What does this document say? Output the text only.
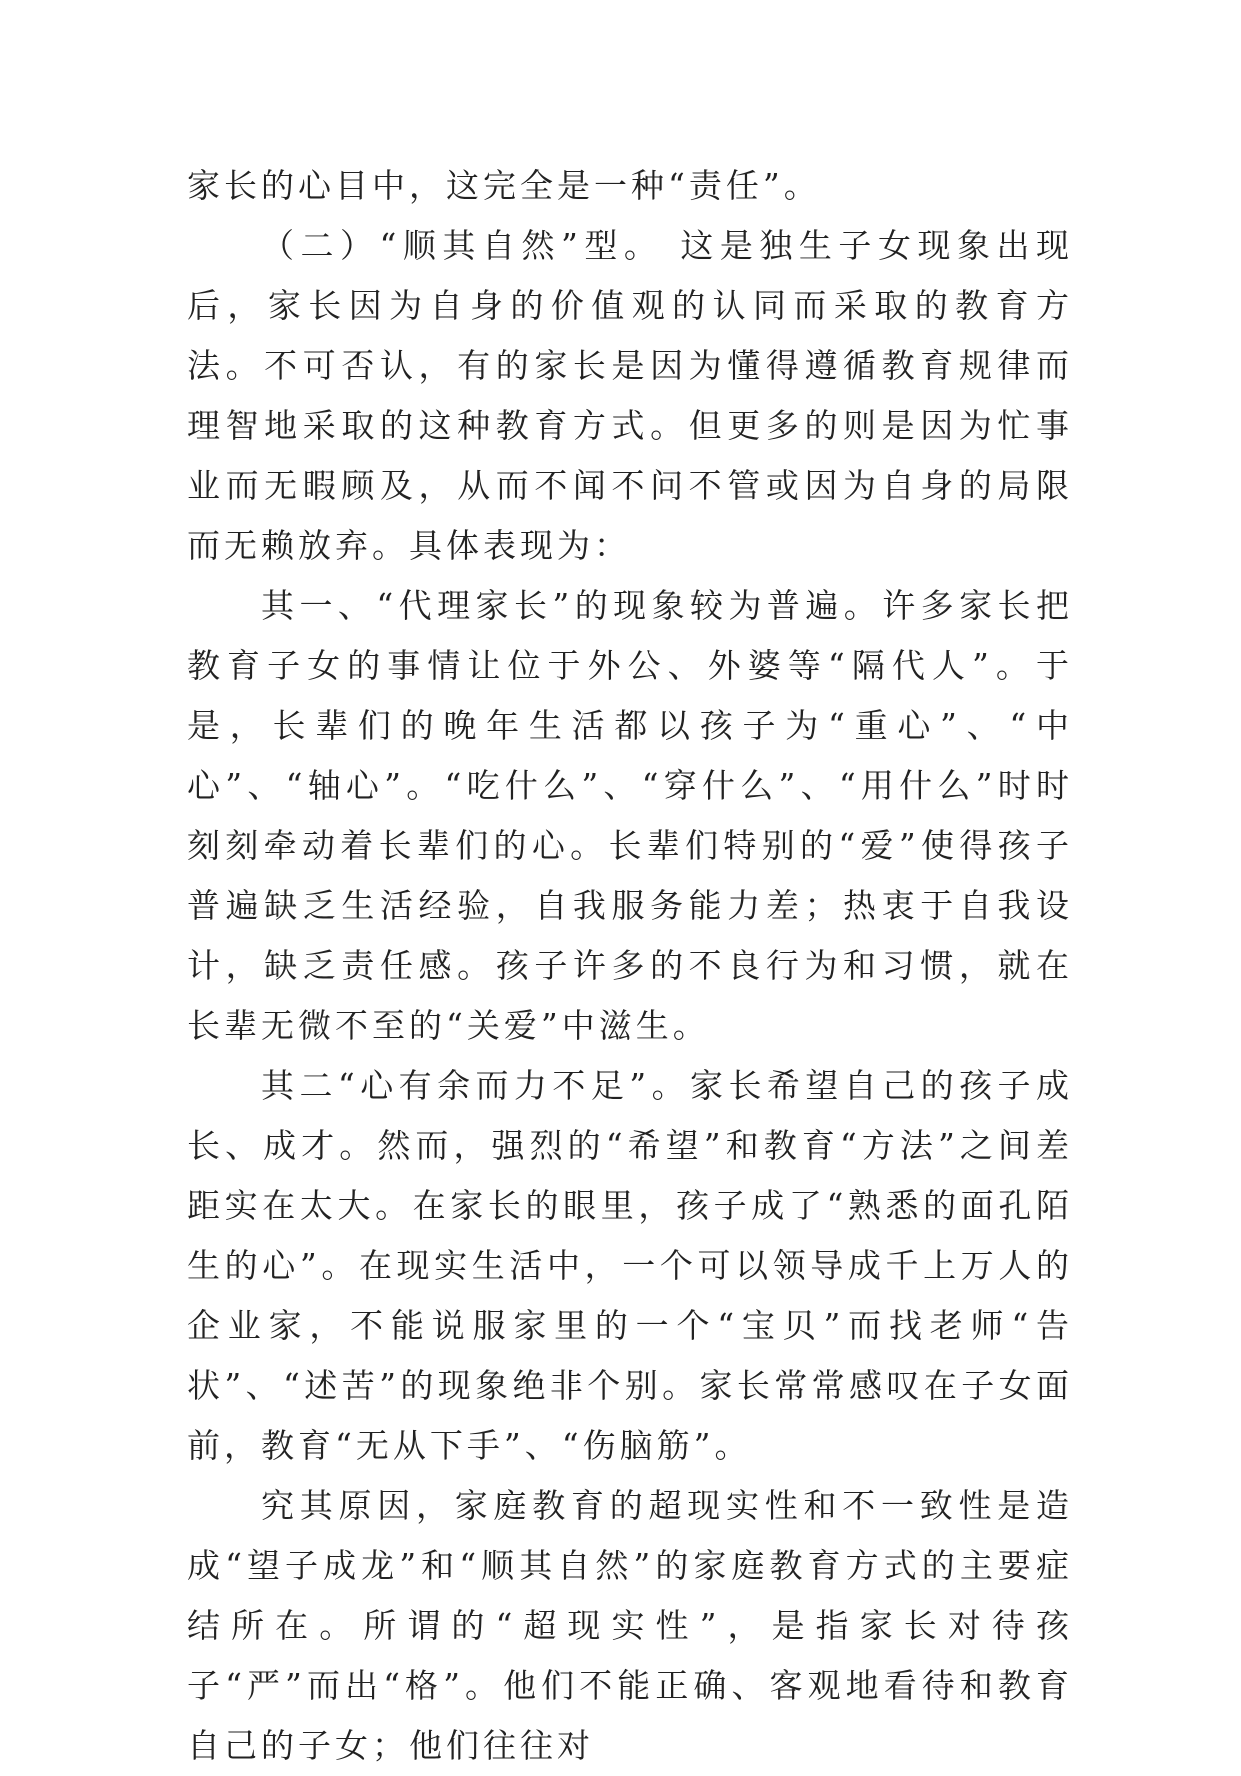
家长的心目中，这完全是一种“责任”。

（二）“顺其自然”型。 这是独生子女现象出现后，家长因为自身的价值观的认同而采取的教育方法。不可否认，有的家长是因为懂得遵循教育规律而理智地采取的这种教育方式。但更多的则是因为忙事业而无暇顾及，从而不闻不问不管或因为自身的局限而无赖放弃。具体表现为：

其一、“代理家长”的现象较为普遍。许多家长把教育子女的事情让位于外公、外婆等“隔代人”。于是，长辈们的晚年生活都以孩子为“重心”、“中心”、“轴心”。“吃什么”、“穿什么”、“用什么”时时刻刻牵动着长辈们的心。长辈们特别的“爱”使得孩子普遍缺乏生活经验，自我服务能力差；热衷于自我设计，缺乏责任感。孩子许多的不良行为和习惯，就在长辈无微不至的“关爱”中滋生。

其二“心有余而力不足”。家长希望自己的孩子成长、成才。然而，强烈的“希望”和教育“方法”之间差距实在太大。在家长的眼里，孩子成了“熟悉的面孔陌生的心”。在现实生活中，一个可以领导成千上万人的企业家，不能说服家里的一个“宝贝”而找老师“告状”、“述苦”的现象绝非个别。家长常常感叹在子女面前，教育“无从下手”、“伤脑筋”。

究其原因，家庭教育的超现实性和不一致性是造成“望子成龙”和“顺其自然”的家庭教育方式的主要症结所在。所谓的“超现实性”，是指家长对待孩子“严”而出“格”。他们不能正确、客观地看待和教育自己的子女；他们往往对
